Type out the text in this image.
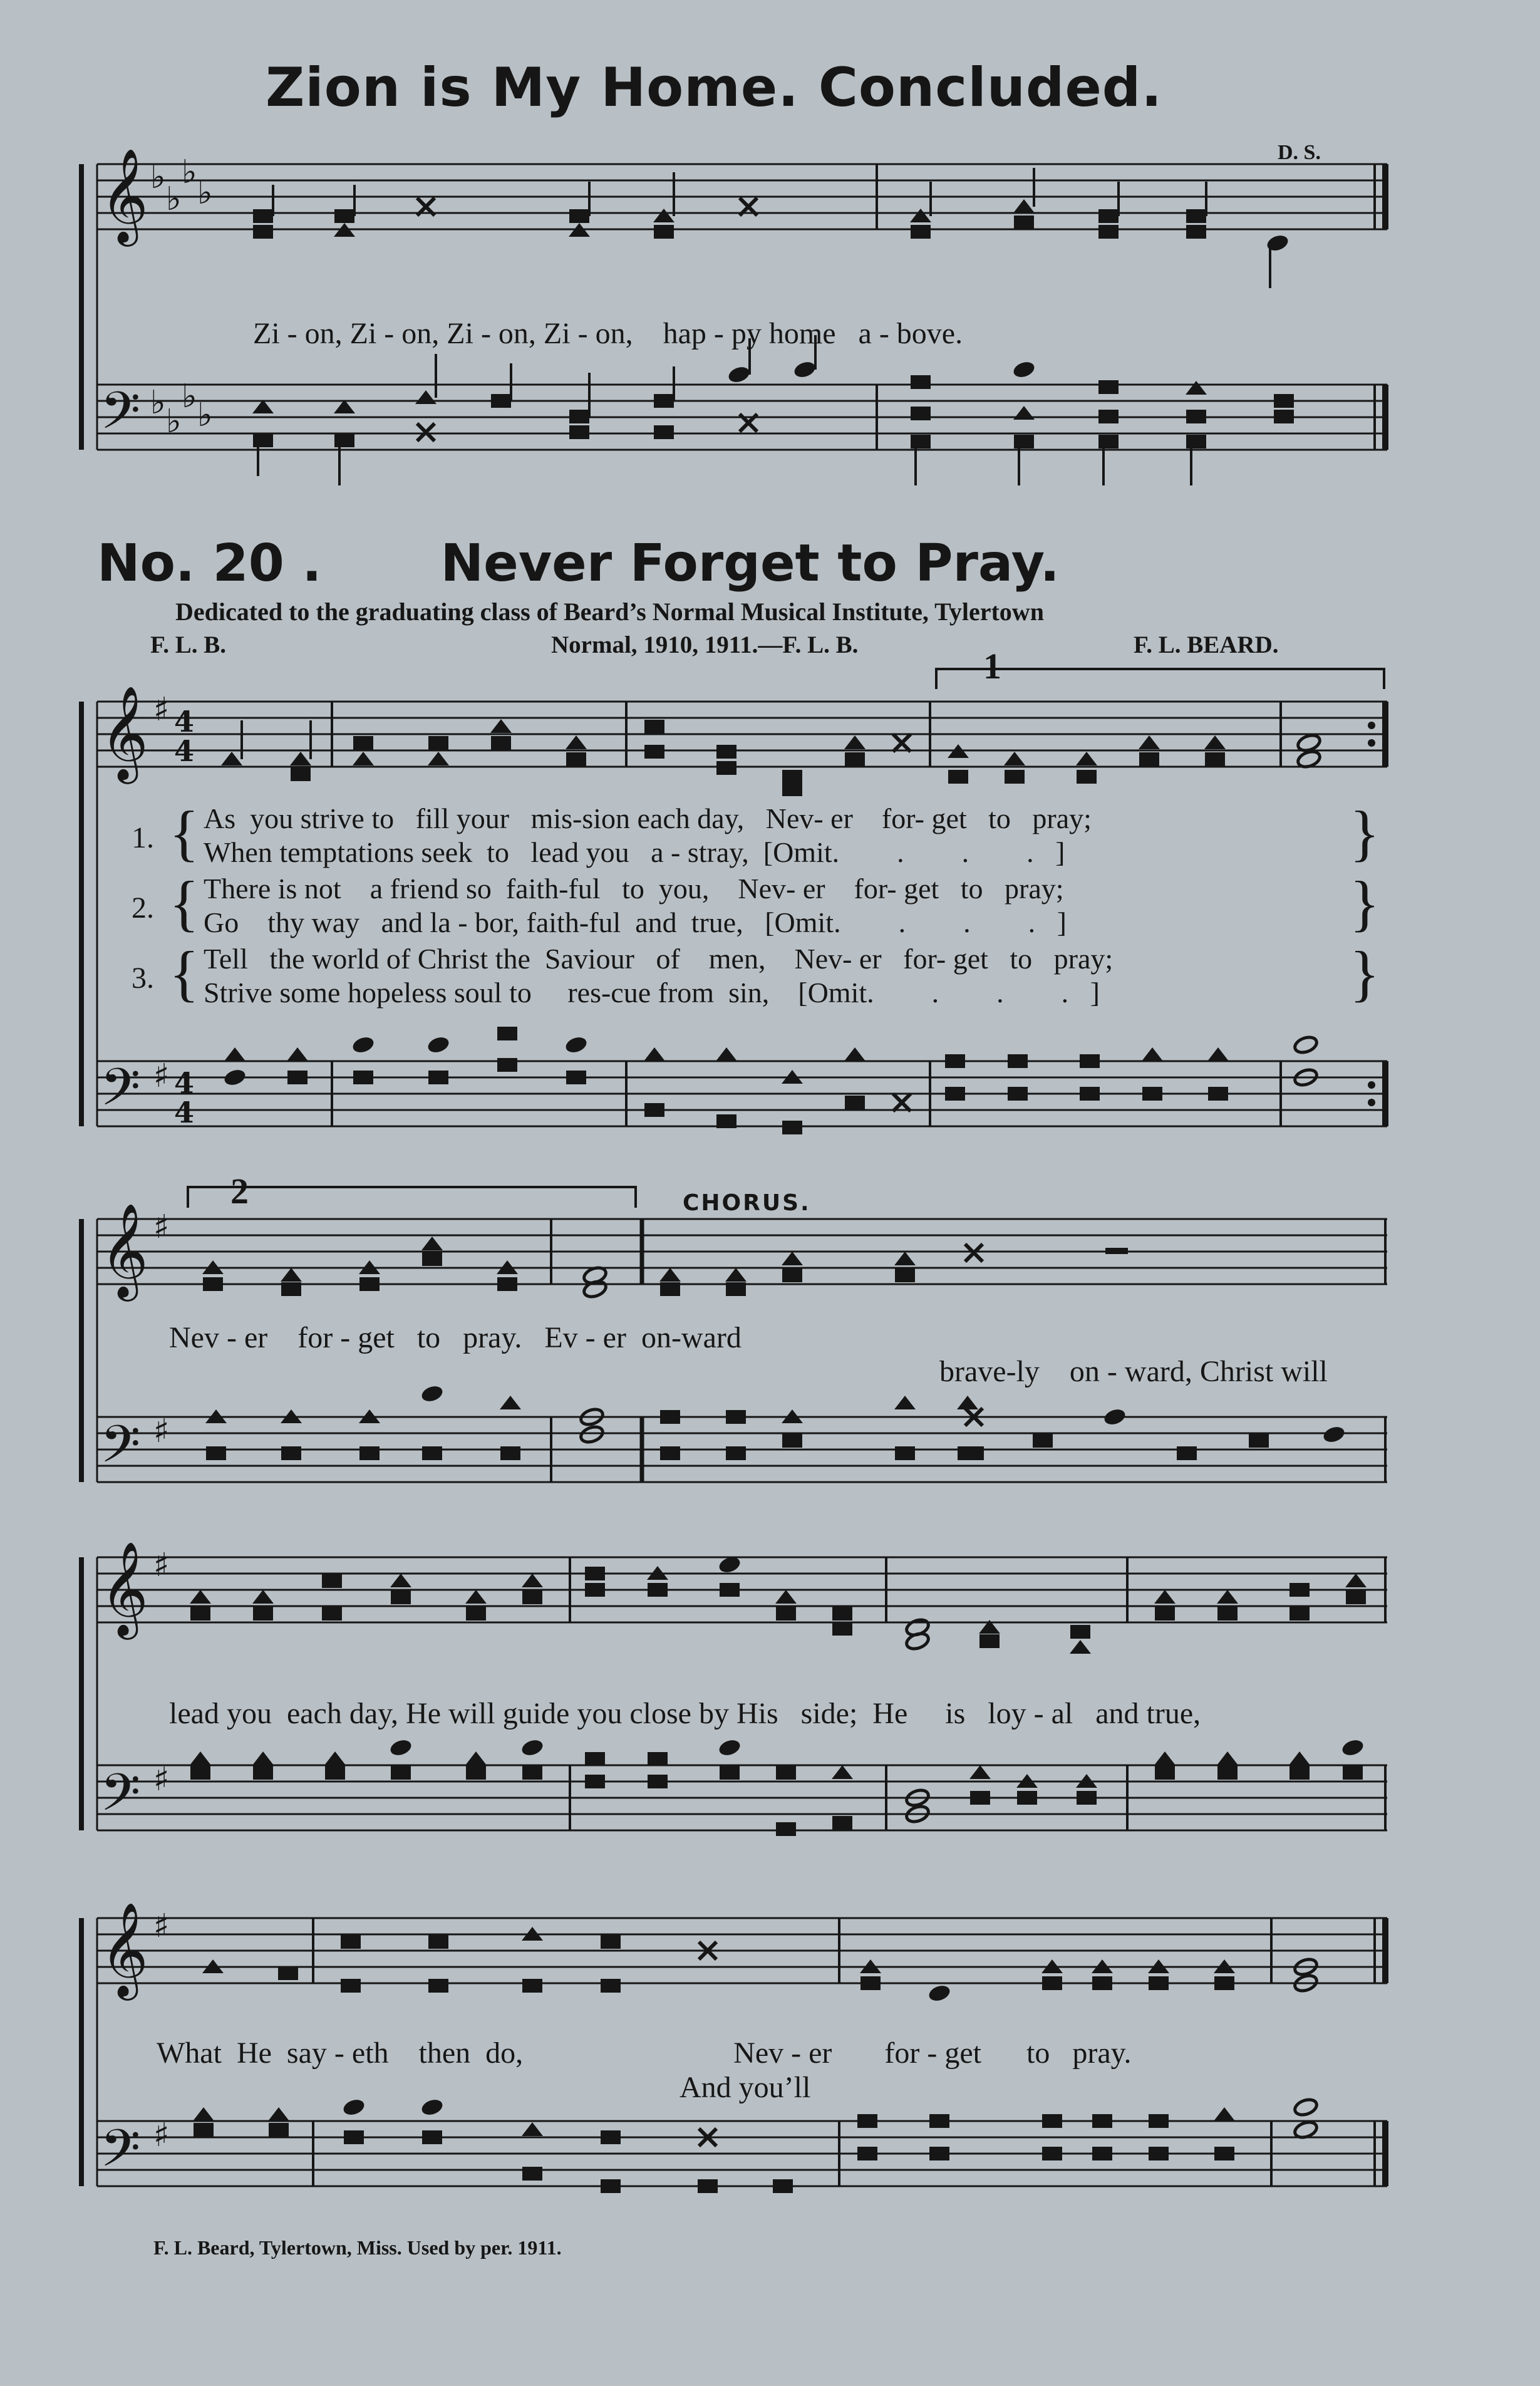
Zion is My Home. Concluded.
𝄞
𝄢
♭
♭
♭
♭
♭ ♭
♭ ♭
𝄞
𝄢
♯
♯
4
4
4
4
𝄞
𝄢
♯
♯
𝄞
𝄢
♯
♯
𝄞
𝄢
♯
♯
D. S.

Zi - on, Zi - on, Zi - on, Zi - on, hap - py home a - bove.

No. 20 . Never Forget to Pray.
Dedicated to the graduating class of Beard’s Normal Musical Institute, Tylertown
F. L. B.	Normal, 1910, 1911.—F. L. B.	F. L. BEARD.
1
1. { As  you strive to   fill your   mis-sion each day,   Nev- er    for- get   to   pray;
When temptations seek  to   lead you   a - stray,  [Omit.        .        .        .   ]	}
2. { There is not    a friend so  faith-ful   to  you,    Nev- er    for- get   to   pray;
Go    thy way   and la - bor, faith-ful  and  true,   [Omit.        .        .        .   ]	}
3. { Tell   the world of Christ the  Saviour   of    men,    Nev- er   for- get   to   pray;
Strive some hopeless soul to     res-cue from  sin,    [Omit.        .        .        .   ]	}
2	CHORUS.
Nev - er    for - get   to   pray.   Ev - er  on-ward
brave-ly    on - ward, Christ will
lead you  each day, He will guide you close by His   side;  He     is   loy - al   and true,
What  He  say - eth    then  do,                            Nev - er       for - get      to   pray.
And you’ll
F. L. Beard, Tylertown, Miss. Used by per. 1911.
